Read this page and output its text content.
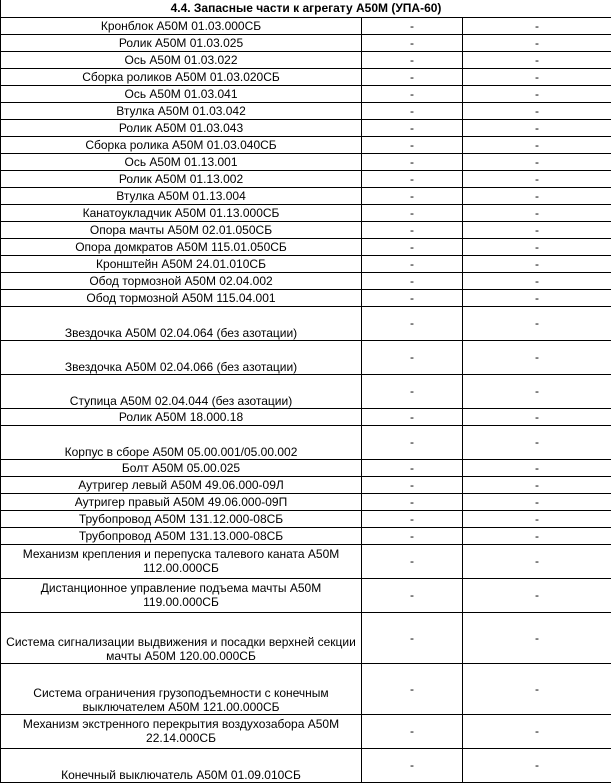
4.4. Запасные части к агрегату А50М (УПА-60)		
Кронблок А50М 01.03.000СБ	-	-
Ролик А50М 01.03.025	-	-
Ось А50М 01.03.022	-	-
Сборка роликов А50М 01.03.020СБ	-	-
Ось А50М 01.03.041	-	-
Втулка А50М 01.03.042	-	-
Ролик А50М 01.03.043	-	-
Сборка ролика А50М 01.03.040СБ	-	-
Ось А50М 01.13.001	-	-
Ролик А50М 01.13.002	-	-
Втулка А50М 01.13.004	-	-
Канатоукладчик А50М 01.13.000СБ	-	-
Опора мачты А50М 02.01.050СБ	-	-
Опора домкратов А50М 115.01.050СБ	-	-
Кронштейн А50М 24.01.010СБ	-	-
Обод тормозной А50М 02.04.002	-	-
Обод тормозной А50М 115.04.001	-	-
Звездочка А50М 02.04.064 (без азотации)	-	-
Звездочка А50М 02.04.066 (без азотации)	-	-
Ступица А50М 02.04.044 (без азотации)	-	-
Ролик А50М 18.000.18	-	-
Корпус в сборе А50М 05.00.001/05.00.002	-	-
Болт А50М 05.00.025	-	-
Аутригер левый А50М 49.06.000-09Л	-	-
Аутригер правый А50М 49.06.000-09П	-	-
Трубопровод А50М 131.12.000-08СБ	-	-
Трубопровод А50М 131.13.000-08СБ	-	-
Механизм крепления и перепуска талевого каната А50М 112.00.000СБ	-	-
Дистанционное управление подъема мачты А50М 119.00.000СБ	-	-
Система сигнализации выдвижения и посадки верхней секции мачты А50М 120.00.000СБ	-	-
Система ограничения грузоподъемности с конечным выключателем А50М 121.00.000СБ	-	-
Механизм экстренного перекрытия воздухозабора А50М 22.14.000СБ	-	-
Конечный выключатель А50М 01.09.010СБ	-	-
